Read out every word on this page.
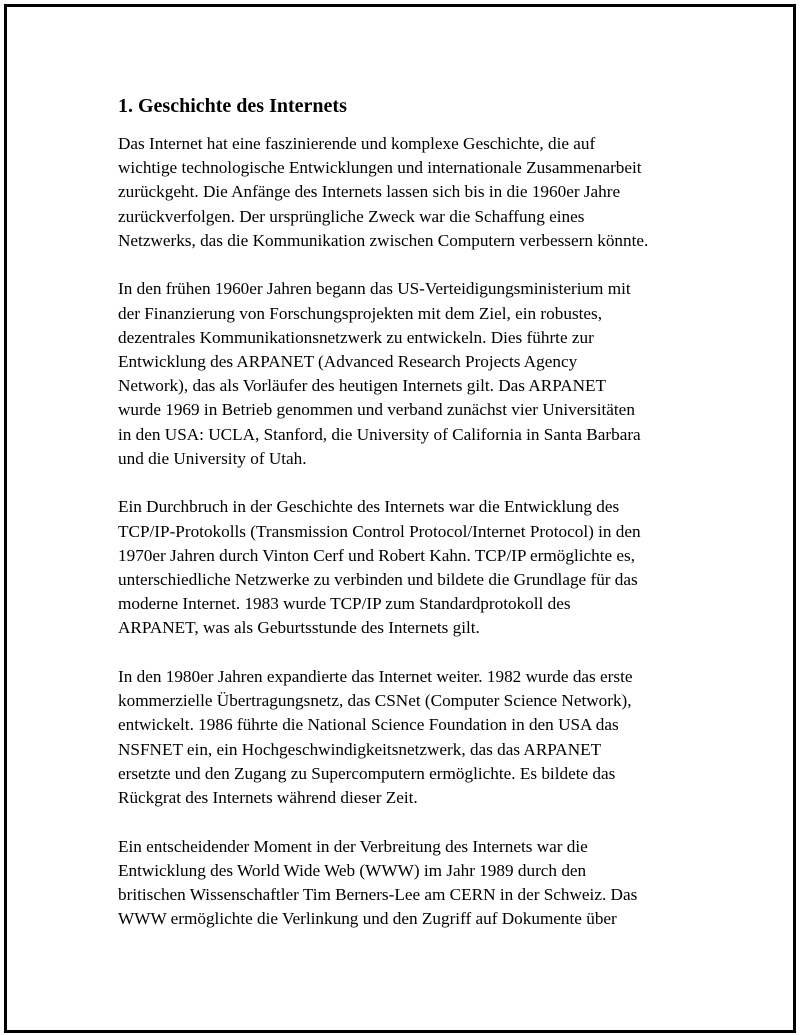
1. Geschichte des Internets

Das Internet hat eine faszinierende und komplexe Geschichte, die auf
wichtige technologische Entwicklungen und internationale Zusammenarbeit
zurückgeht. Die Anfänge des Internets lassen sich bis in die 1960er Jahre
zurückverfolgen. Der ursprüngliche Zweck war die Schaffung eines
Netzwerks, das die Kommunikation zwischen Computern verbessern könnte.

In den frühen 1960er Jahren begann das US-Verteidigungsministerium mit
der Finanzierung von Forschungsprojekten mit dem Ziel, ein robustes,
dezentrales Kommunikationsnetzwerk zu entwickeln. Dies führte zur
Entwicklung des ARPANET (Advanced Research Projects Agency
Network), das als Vorläufer des heutigen Internets gilt. Das ARPANET
wurde 1969 in Betrieb genommen und verband zunächst vier Universitäten
in den USA: UCLA, Stanford, die University of California in Santa Barbara
und die University of Utah.

Ein Durchbruch in der Geschichte des Internets war die Entwicklung des
TCP/IP-Protokolls (Transmission Control Protocol/Internet Protocol) in den
1970er Jahren durch Vinton Cerf und Robert Kahn. TCP/IP ermöglichte es,
unterschiedliche Netzwerke zu verbinden und bildete die Grundlage für das
moderne Internet. 1983 wurde TCP/IP zum Standardprotokoll des
ARPANET, was als Geburtsstunde des Internets gilt.

In den 1980er Jahren expandierte das Internet weiter. 1982 wurde das erste
kommerzielle Übertragungsnetz, das CSNet (Computer Science Network),
entwickelt. 1986 führte die National Science Foundation in den USA das
NSFNET ein, ein Hochgeschwindigkeitsnetzwerk, das das ARPANET
ersetzte und den Zugang zu Supercomputern ermöglichte. Es bildete das
Rückgrat des Internets während dieser Zeit.

Ein entscheidender Moment in der Verbreitung des Internets war die
Entwicklung des World Wide Web (WWW) im Jahr 1989 durch den
britischen Wissenschaftler Tim Berners-Lee am CERN in der Schweiz. Das
WWW ermöglichte die Verlinkung und den Zugriff auf Dokumente über
